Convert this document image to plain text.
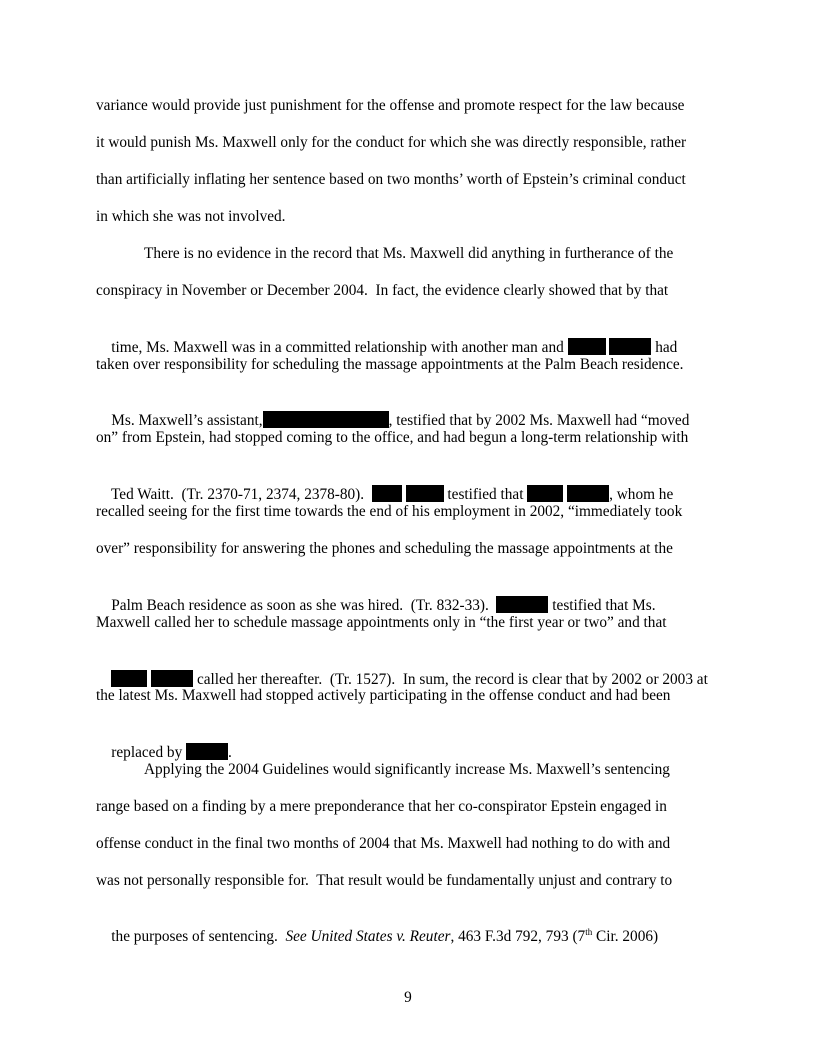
variance would provide just punishment for the offense and promote respect for the law because
it would punish Ms. Maxwell only for the conduct for which she was directly responsible, rather
than artificially inflating her sentence based on two months’ worth of Epstein’s criminal conduct
in which she was not involved.
There is no evidence in the record that Ms. Maxwell did anything in furtherance of the
conspiracy in November or December 2004.  In fact, the evidence clearly showed that by that

time, Ms. Maxwell was in a committed relationship with another man and	had

taken over responsibility for scheduling the massage appointments at the Palm Beach residence.

Ms. Maxwell’s assistant,	, testified that by 2002 Ms. Maxwell had “moved

on” from Epstein, had stopped coming to the office, and had begun a long-term relationship with

Ted Waitt.  (Tr. 2370-71, 2374, 2378-80).	testified that	, whom he

recalled seeing for the first time towards the end of his employment in 2002, “immediately took
over” responsibility for answering the phones and scheduling the massage appointments at the

Palm Beach residence as soon as she was hired.  (Tr. 832-33).	testified that Ms.

Maxwell called her to schedule massage appointments only in “the first year or two” and that

called her thereafter.  (Tr. 1527).  In sum, the record is clear that by 2002 or 2003 at

the latest Ms. Maxwell had stopped actively participating in the offense conduct and had been

replaced by	.

Applying the 2004 Guidelines would significantly increase Ms. Maxwell’s sentencing
range based on a finding by a mere preponderance that her co-conspirator Epstein engaged in
offense conduct in the final two months of 2004 that Ms. Maxwell had nothing to do with and
was not personally responsible for.  That result would be fundamentally unjust and contrary to

the purposes of sentencing.  See United States v. Reuter, 463 F.3d 792, 793 (7th Cir. 2006)

9
